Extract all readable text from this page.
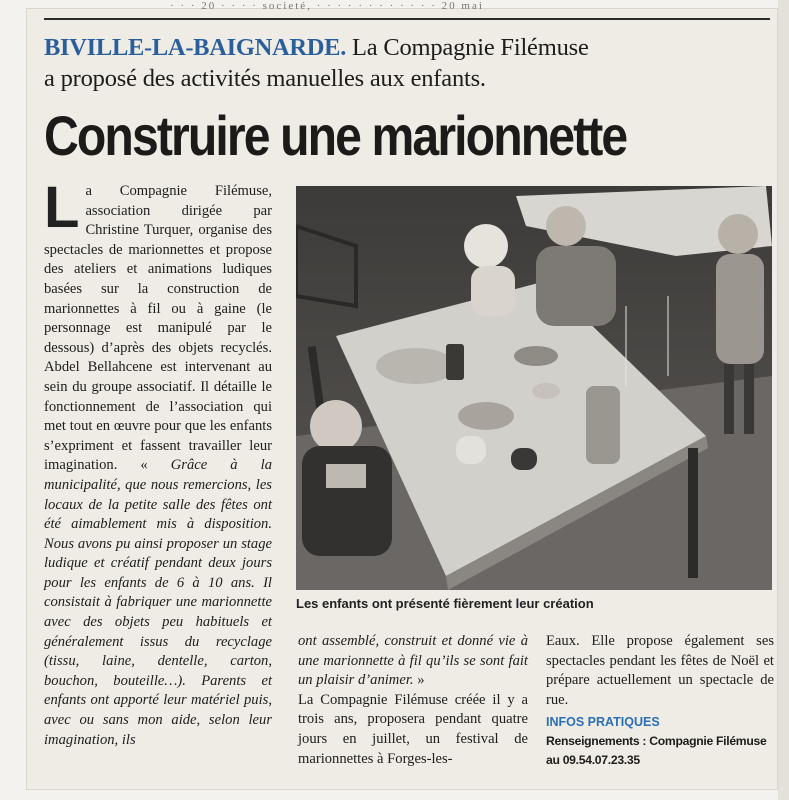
· · · 20 · · · · societé, · · · · · · · · · · · · 20 mai
BIVILLE-LA-BAIGNARDE. La Compagnie Filémuse
a proposé des activités manuelles aux enfants.
Construire une marionnette
L a Compagnie Filémuse, association dirigée par Christine Turquer, organise des spectacles de marionnettes et propose des ateliers et animations ludiques basées sur la construction de marionnettes à fil ou à gaine (le personnage est manipulé par le dessous) d’après des objets recyclés. Abdel Bellahcene est intervenant au sein du groupe associatif. Il détaille le fonctionnement de l’association qui met tout en œuvre pour que les enfants s’expriment et fassent travailler leur imagination. « Grâce à la municipalité, que nous remercions, les locaux de la petite salle des fêtes ont été aimablement mis à disposition. Nous avons pu ainsi proposer un stage ludique et créatif pendant deux jours pour les enfants de 6 à 10 ans. Il consistait à fabriquer une marionnette avec des objets peu habituels et généralement issus du recyclage (tissu, laine, dentelle, carton, bouchon, bouteille…). Parents et enfants ont apporté leur matériel puis, avec ou sans mon aide, selon leur imagination, ils

Les enfants ont présenté fièrement leur création

ont assemblé, construit et donné vie à une marionnette à fil qu’ils se sont fait un plaisir d’animer. »

La Compagnie Filémuse créée il y a trois ans, proposera pendant quatre jours en juillet, un festival de marionnettes à Forges-les-

Eaux. Elle propose également ses spectacles pendant les fêtes de Noël et prépare actuellement un spectacle de rue.

INFOS PRATIQUES
Renseignements : Compagnie Filémuse au 09.54.07.23.35
